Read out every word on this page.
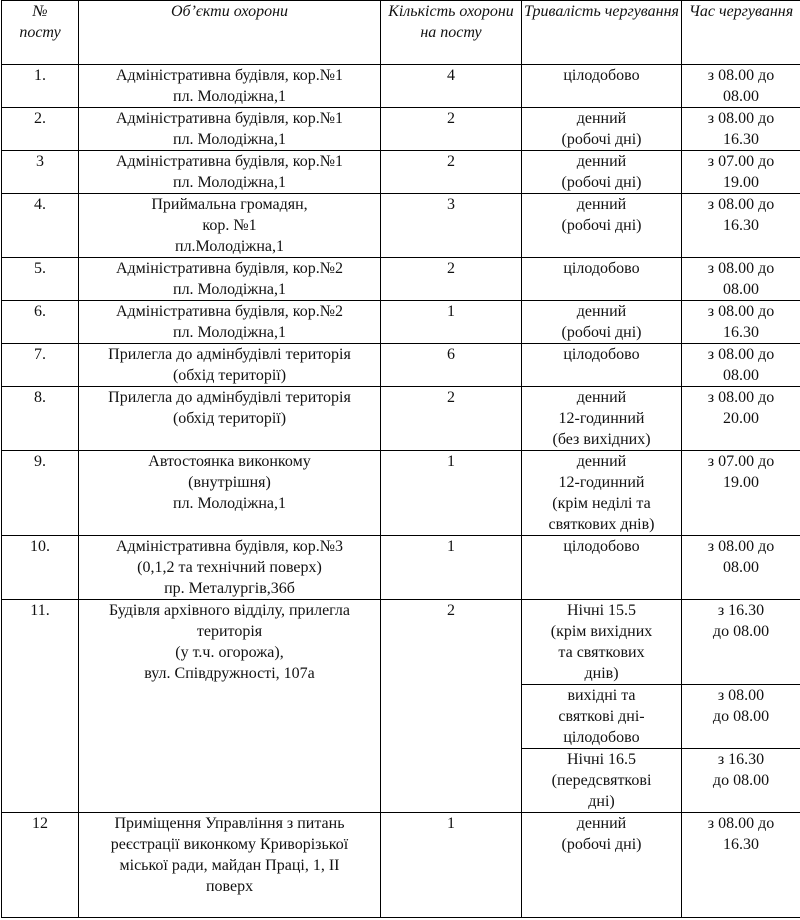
№
посту	Об’єкти охорони	Кількість охорони на посту	Тривалість чергування	Час чергування
1.	Адміністративна будівля, кор.№1
пл. Молодіжна,1	4	цілодобово	з 08.00 до
08.00
2.	Адміністративна будівля, кор.№1
пл. Молодіжна,1	2	денний
(робочі дні)	з 08.00 до
16.30
3	Адміністративна будівля, кор.№1
пл. Молодіжна,1	2	денний
(робочі дні)	з 07.00 до
19.00
4.	Приймальна громадян,
кор. №1
пл.Молодіжна,1	3	денний
(робочі дні)	з 08.00 до
16.30
5.	Адміністративна будівля, кор.№2
пл. Молодіжна,1	2	цілодобово	з 08.00 до
08.00
6.	Адміністративна будівля, кор.№2
пл. Молодіжна,1	1	денний
(робочі дні)	з 08.00 до
16.30
7.	Прилегла до адмінбудівлі територія
(обхід території)	6	цілодобово	з 08.00 до
08.00
8.	Прилегла до адмінбудівлі територія
(обхід території)	2	денний
12-годинний
(без вихідних)	з 08.00 до
20.00
9.	Автостоянка виконкому
(внутрішня)
пл. Молодіжна,1	1	денний
12-годинний
(крім неділі та
святкових днів)	з 07.00 до
19.00
10.	Адміністративна будівля, кор.№3
(0,1,2 та технічний поверх)
пр. Металургів,36б	1	цілодобово	з 08.00 до
08.00
11.	Будівля архівного відділу, прилегла
територія
(у т.ч. огорожа),
вул. Співдружності, 107а	2	Нічні 15.5
(крім вихідних
та святкових
днів)	з 16.30
до 08.00
			вихідні та
святкові дні-
цілодобово	з 08.00
до 08.00
			Нічні 16.5
(передсвяткові
дні)	з 16.30
до 08.00
12	Приміщення Управління з питань
реєстрації виконкому Криворізької
міської ради, майдан Праці, 1, ІІ
поверх	1	денний
(робочі дні)	з 08.00 до
16.30
